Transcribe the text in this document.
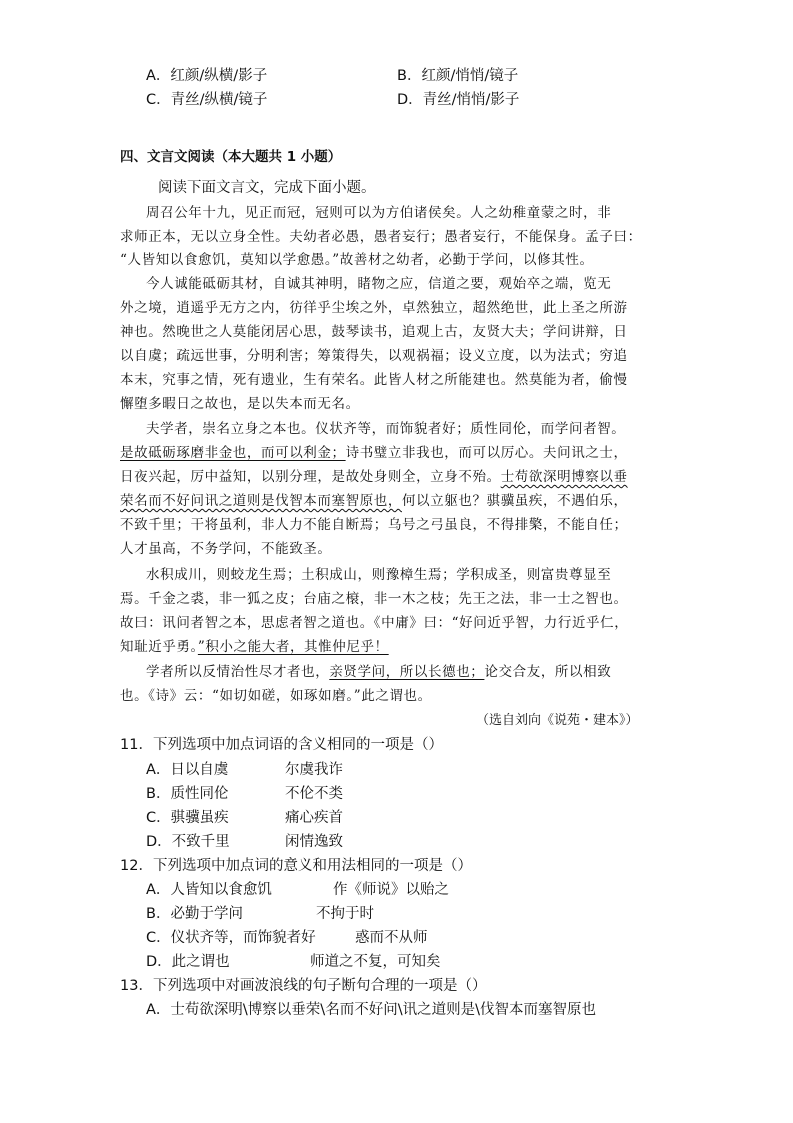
A．红颜/纵横/影子	B．红颜/悄悄/镜子
C．青丝/纵横/镜子	D．青丝/悄悄/影子
四、文言文阅读（本大题共 1 小题）
阅读下面文言文，完成下面小题。
周召公年十九，见正而冠，冠则可以为方伯诸侯矣。人之幼稚童蒙之时，非
求师正本，无以立身全性。夫幼者必愚，愚者妄行；愚者妄行，不能保身。孟子曰：
“人皆知以食愈饥，莫知以学愈愚。”故善材之幼者，必勤于学问，以修其性。
今人诚能砥砺其材，自诚其神明，睹物之应，信道之要，观始卒之端，览无
外之境，逍遥乎无方之内，彷徉乎尘埃之外，卓然独立，超然绝世，此上圣之所游
神也。然晚世之人莫能闭居心思，鼓琴读书，追观上古，友贤大夫；学问讲辩，日
以自虞；疏远世事，分明利害；筹策得失，以观祸福；设义立度，以为法式；穷追
本末，究事之情，死有遗业，生有荣名。此皆人材之所能建也。然莫能为者，偷慢
懈堕多暇日之故也，是以失本而无名。
夫学者，崇名立身之本也。仪状齐等，而饰貌者好；质性同伦，而学问者智。
是故砥砺琢磨非金也，而可以利金；诗书璧立非我也，而可以厉心。夫问讯之士，
日夜兴起，厉中益知，以别分理，是故处身则全，立身不殆。士苟欲深明博察以垂
荣名而不好问讯之道则是伐智本而塞智原也，何以立躯也？骐骥虽疾，不遇伯乐，
不致千里；干将虽利，非人力不能自断焉；乌号之弓虽良，不得排檠，不能自任；
人才虽高，不务学问，不能致圣。
水积成川，则蛟龙生焉；土积成山，则豫樟生焉；学积成圣，则富贵尊显至
焉。千金之裘，非一狐之皮；台庙之榱，非一木之枝；先王之法，非一士之智也。
故曰：讯问者智之本，思虑者智之道也。《中庸》曰：“好问近乎智，力行近乎仁，
知耻近乎勇。”积小之能大者，其惟仲尼乎！
学者所以反情治性尽才者也，亲贤学问，所以长德也；论交合友，所以相致
也。《诗》云：“如切如磋，如琢如磨。”此之谓也。
（选自刘向《说苑・建本》）
11．下列选项中加点词语的含义相同的一项是（）
A．日以自虞	尔虞我诈
B．质性同伦	不伦不类
C．骐骥虽疾	痛心疾首
D．不致千里	闲情逸致
12．下列选项中加点词的意义和用法相同的一项是（）
A．人皆知以食愈饥	作《师说》以贻之
B．必勤于学问	不拘于时
C．仪状齐等，而饰貌者好	惑而不从师
D．此之谓也	师道之不复，可知矣
13．下列选项中对画波浪线的句子断句合理的一项是（）
A．士苟欲深明\博察以垂荣\名而不好问\讯之道则是\伐智本而塞智原也
